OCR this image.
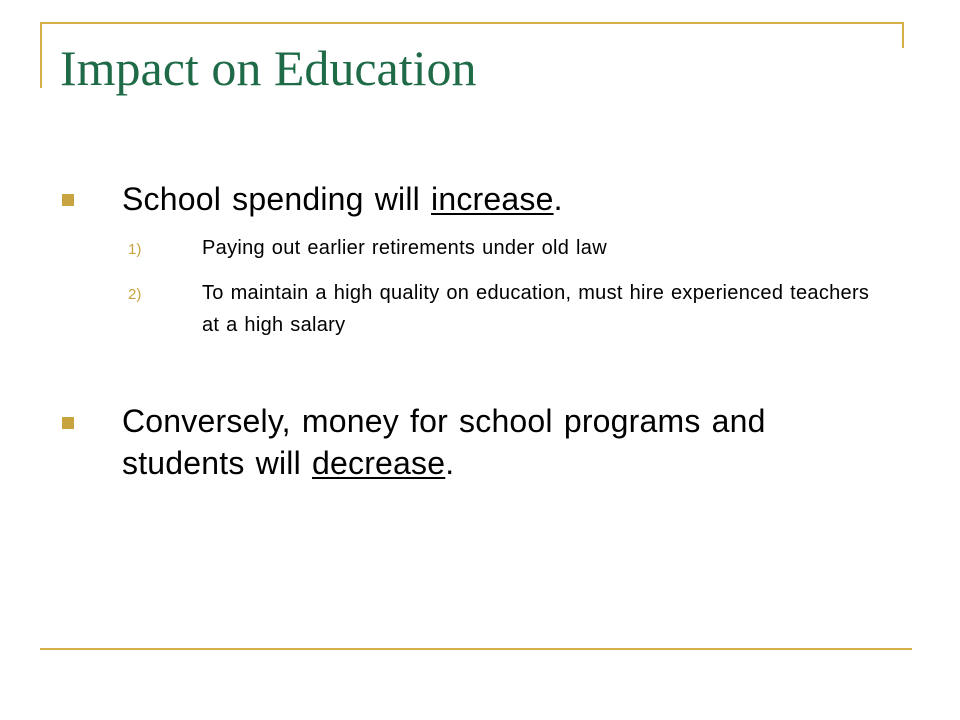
Impact on Education

School spending will increase.

1)	Paying out earlier retirements under old law

2)	To maintain a high quality on education, must hire experienced teachers at a high salary

Conversely, money for school programs and students will decrease.
